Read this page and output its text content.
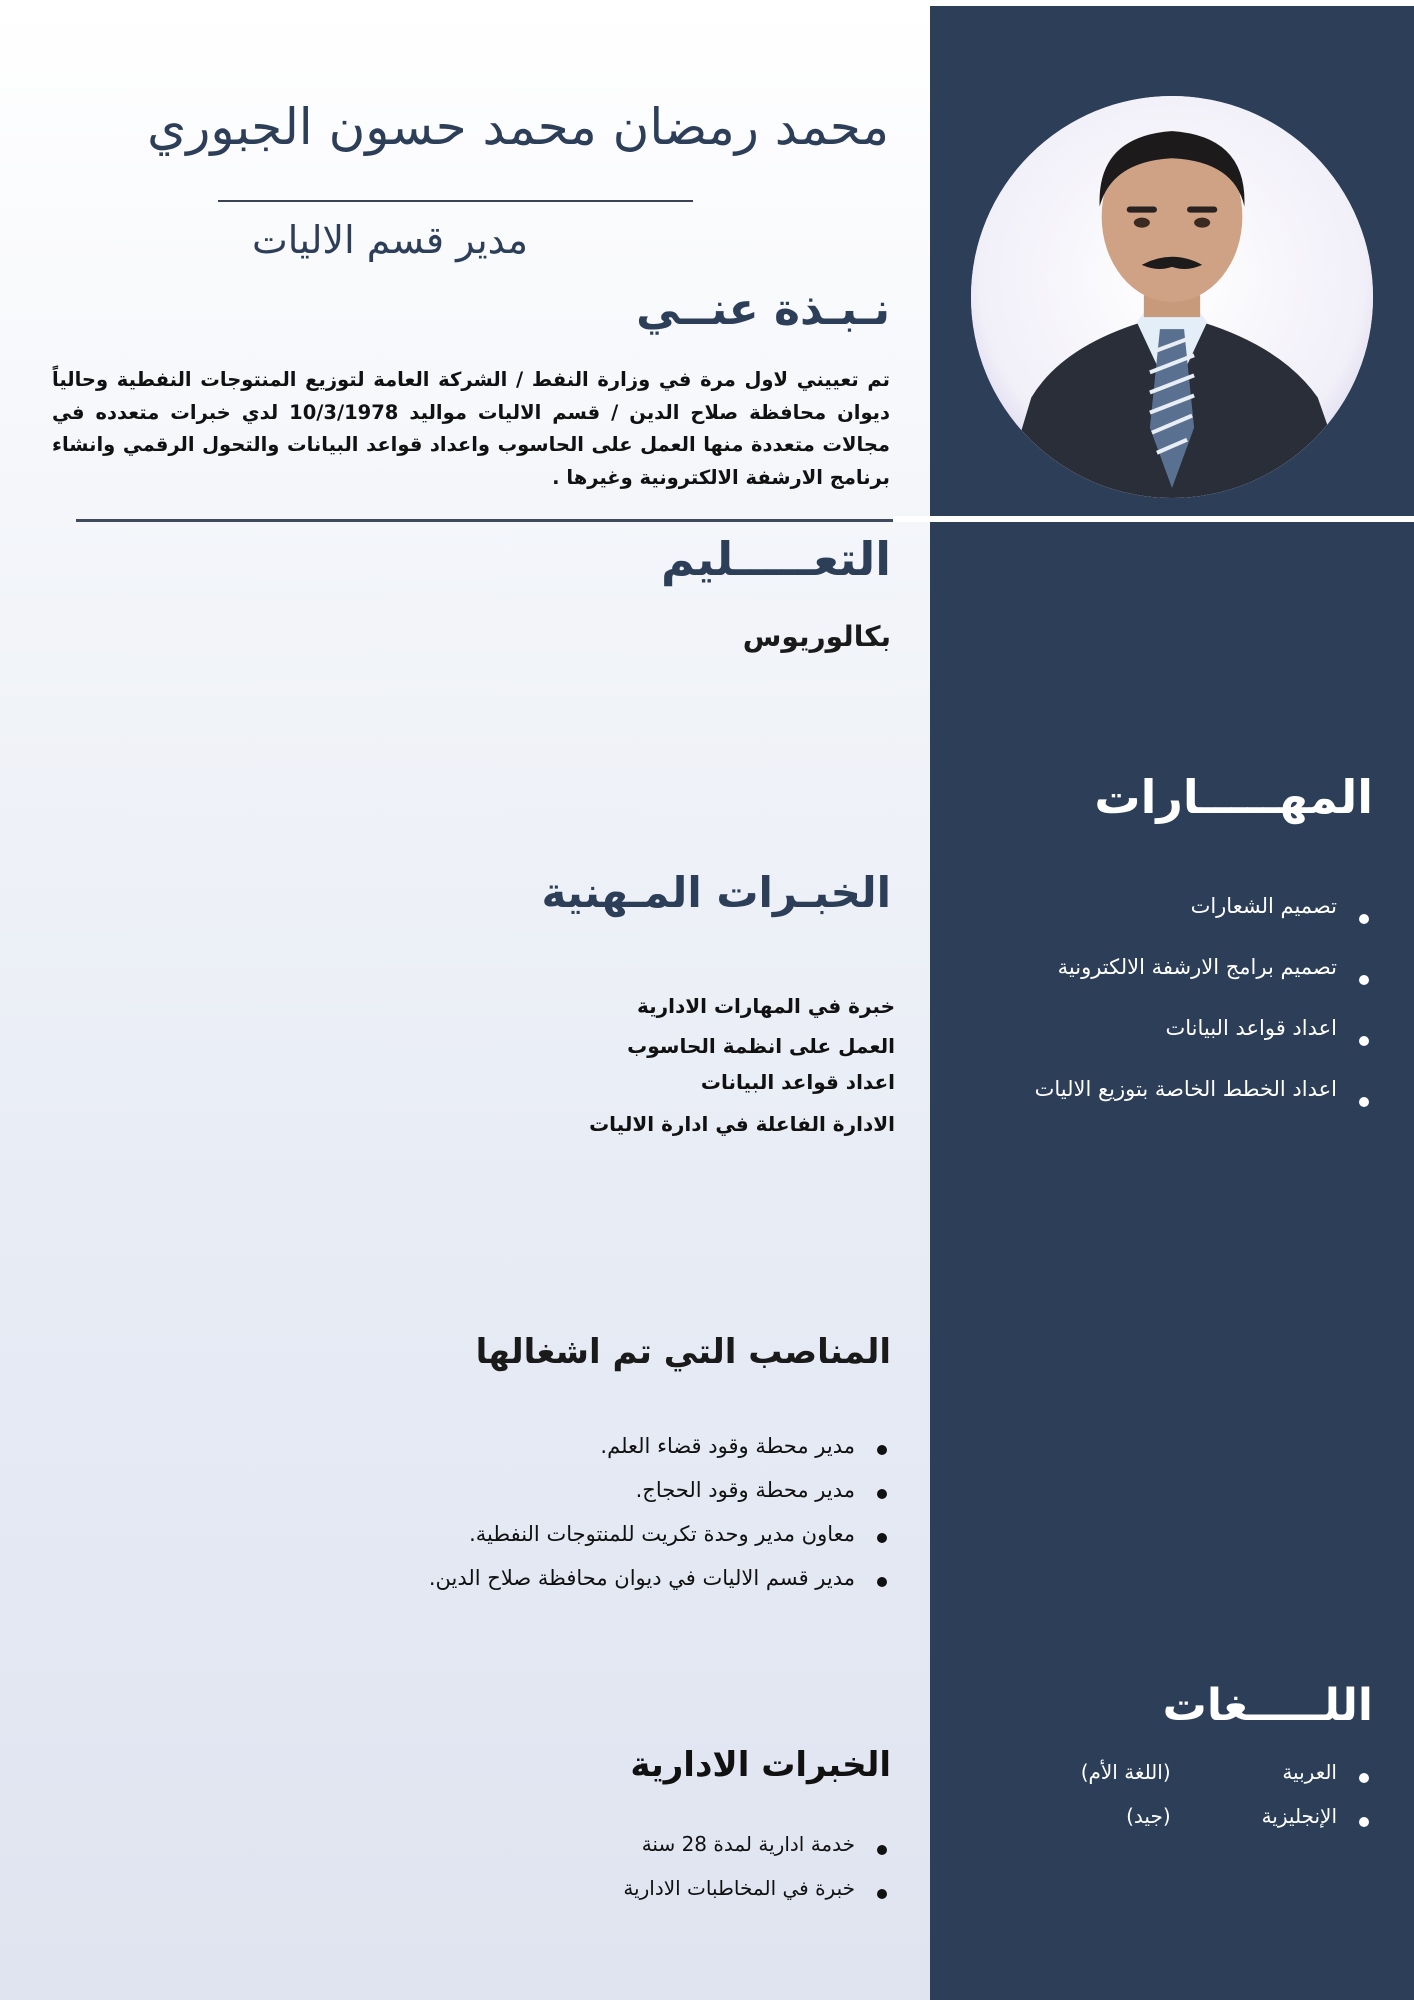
محمد رمضان محمد حسون الجبوري
مدير قسم الاليات
نـبـذة عنــي

تم تعييني لاول مرة في وزارة النفط / الشركة العامة لتوزيع المنتوجات النفطية وحالياً ديوان محافظة صلاح الدين / قسم الاليات مواليد 10/3/1978 لدي خبرات متعدده في مجالات متعددة منها العمل على الحاسوب واعداد قواعد البيانات والتحول الرقمي وانشاء برنامج الارشفة الالكترونية وغيرها .

التعـــــليم
بكالوريوس
الخبـرات المـهنية
خبرة في المهارات الادارية
العمل على انظمة الحاسوب
اعداد قواعد البيانات
الادارة الفاعلة في ادارة الاليات
المناصب التي تم اشغالها
مدير محطة وقود قضاء العلم.
مدير محطة وقود الحجاج.
معاون مدير وحدة تكريت للمنتوجات النفطية.
مدير قسم الاليات في ديوان محافظة صلاح الدين.
الخبرات الادارية
خدمة ادارية لمدة 28 سنة
خبرة في المخاطبات الادارية
المهـــــارات
تصميم الشعارات
تصميم برامج الارشفة الالكترونية
اعداد قواعد البيانات
اعداد الخطط الخاصة بتوزيع الاليات
اللـــــغات
العربية (اللغة الأم)
الإنجليزية (جيد)
